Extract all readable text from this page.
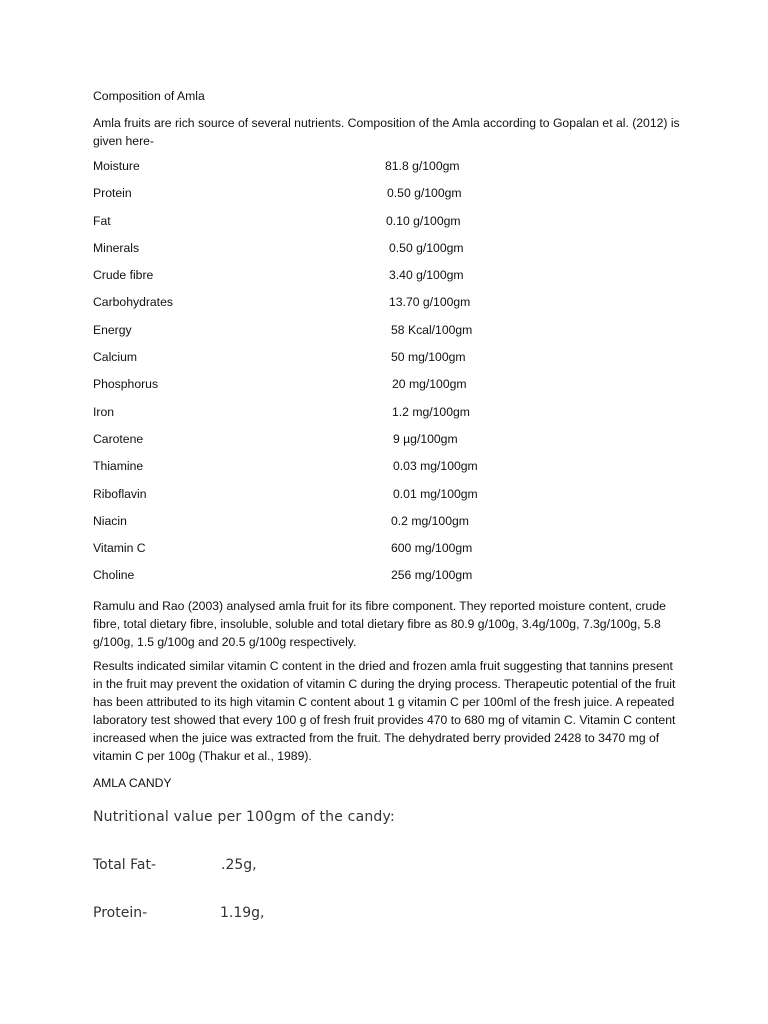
Composition of Amla
Amla fruits are rich source of several nutrients. Composition of the Amla according to Gopalan et al. (2012) is given here-
Moisture	81.8 g/100gm
Protein	0.50 g/100gm
Fat	0.10 g/100gm
Minerals	0.50 g/100gm
Crude fibre	3.40 g/100gm
Carbohydrates	13.70 g/100gm
Energy	58 Kcal/100gm
Calcium	50 mg/100gm
Phosphorus	20 mg/100gm
Iron	1.2 mg/100gm
Carotene	9 µg/100gm
Thiamine	0.03 mg/100gm
Riboflavin	0.01 mg/100gm
Niacin	0.2 mg/100gm
Vitamin C	600 mg/100gm
Choline	256 mg/100gm
Ramulu and Rao (2003) analysed amla fruit for its fibre component. They reported moisture content, crude fibre, total dietary fibre, insoluble, soluble and total dietary fibre as 80.9 g/100g, 3.4g/100g, 7.3g/100g, 5.8 g/100g, 1.5 g/100g and 20.5 g/100g respectively.
Results indicated similar vitamin C content in the dried and frozen amla fruit suggesting that tannins present in the fruit may prevent the oxidation of vitamin C during the drying process. Therapeutic potential of the fruit has been attributed to its high vitamin C content about 1 g vitamin C per 100ml of the fresh juice. A repeated laboratory test showed that every 100 g of fresh fruit provides 470 to 680 mg of vitamin C. Vitamin C content increased when the juice was extracted from the fruit. The dehydrated berry provided 2428 to 3470 mg of vitamin C per 100g (Thakur et al., 1989).
AMLA CANDY
Nutritional value per 100gm of the candy:
Total Fat-	.25g,
Protein-	1.19g,
